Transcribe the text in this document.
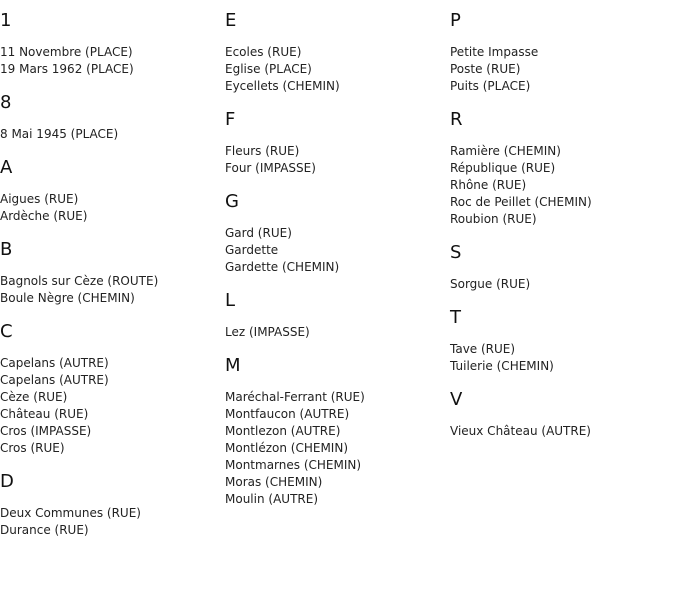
1
11 Novembre (PLACE)
19 Mars 1962 (PLACE)
8
8 Mai 1945 (PLACE)
A
Aigues (RUE)
Ardèche (RUE)
B
Bagnols sur Cèze (ROUTE)
Boule Nègre (CHEMIN)
C
Capelans (AUTRE)
Capelans (AUTRE)
Cèze (RUE)
Château (RUE)
Cros (IMPASSE)
Cros (RUE)
D
Deux Communes (RUE)
Durance (RUE)
E
Ecoles (RUE)
Eglise (PLACE)
Eycellets (CHEMIN)
F
Fleurs (RUE)
Four (IMPASSE)
G
Gard (RUE)
Gardette
Gardette (CHEMIN)
L
Lez (IMPASSE)
M
Maréchal-Ferrant (RUE)
Montfaucon (AUTRE)
Montlezon (AUTRE)
Montlézon (CHEMIN)
Montmarnes (CHEMIN)
Moras (CHEMIN)
Moulin (AUTRE)
P
Petite Impasse
Poste (RUE)
Puits (PLACE)
R
Ramière (CHEMIN)
République (RUE)
Rhône (RUE)
Roc de Peillet (CHEMIN)
Roubion (RUE)
S
Sorgue (RUE)
T
Tave (RUE)
Tuilerie (CHEMIN)
V
Vieux Château (AUTRE)
